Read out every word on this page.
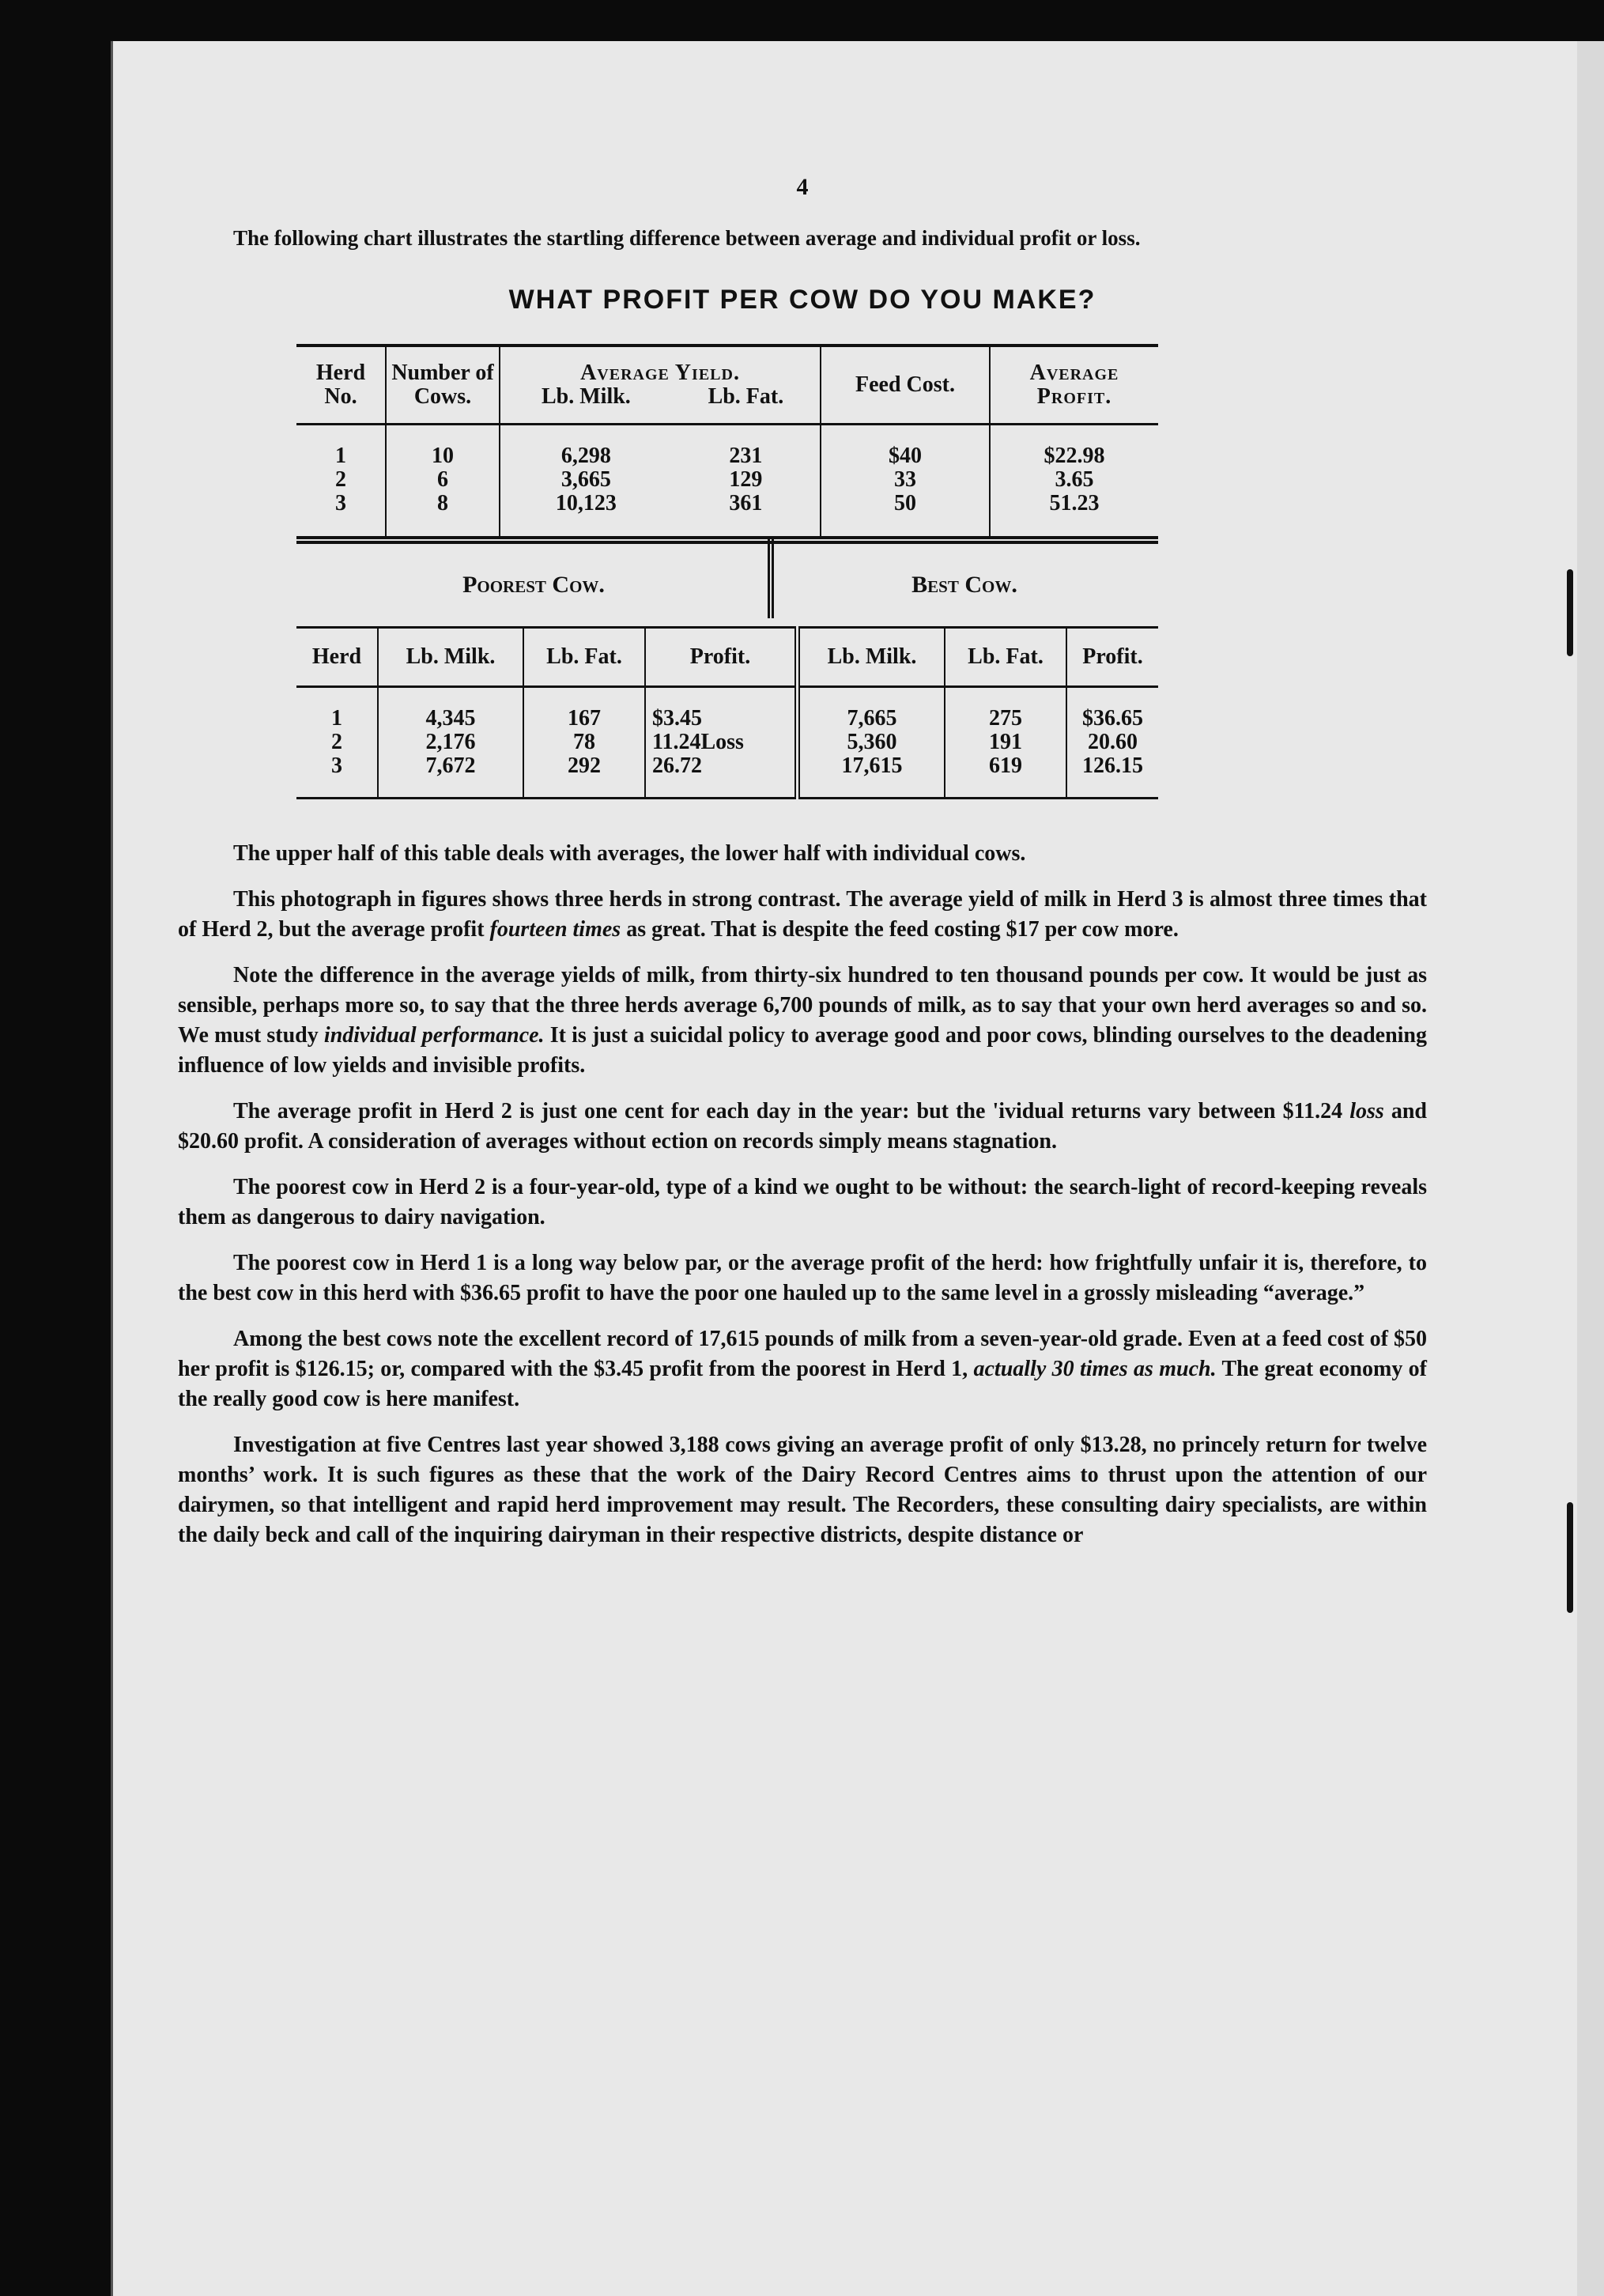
4

The following chart illustrates the startling difference between average and individual profit or loss.

WHAT PROFIT PER COW DO YOU MAKE?
Herd No.	Number of Cows.	Average Yield.		Feed Cost.	Average Profit.
		Lb. Milk.	Lb. Fat.		
1	10	6,298	231	$40	$22.98
2	6	3,665	129	33	3.65
3	8	10,123	361	50	51.23
Poorest Cow.	Best Cow.
Herd	Lb. Milk.	Lb. Fat.	Profit.	Lb. Milk.	Lb. Fat.	Profit.
1	4,345	167	$3.45	7,665	275	$36.65
2	2,176	78	11.24Loss	5,360	191	20.60
3	7,672	292	26.72	17,615	619	126.15

The upper half of this table deals with averages, the lower half with individual cows.

This photograph in figures shows three herds in strong contrast. The average yield of milk in Herd 3 is almost three times that of Herd 2, but the average profit fourteen times as great. That is despite the feed costing $17 per cow more.

Note the difference in the average yields of milk, from thirty-six hundred to ten thousand pounds per cow. It would be just as sensible, perhaps more so, to say that the three herds average 6,700 pounds of milk, as to say that your own herd averages so and so. We must study individual performance. It is just a suicidal policy to average good and poor cows, blinding ourselves to the deadening influence of low yields and invisible profits.

The average profit in Herd 2 is just one cent for each day in the year: but the 'ividual returns vary between $11.24 loss and $20.60 profit. A consideration of averages without ection on records simply means stagnation.

The poorest cow in Herd 2 is a four-year-old, type of a kind we ought to be without: the search-light of record-keeping reveals them as dangerous to dairy navigation.

The poorest cow in Herd 1 is a long way below par, or the average profit of the herd: how frightfully unfair it is, therefore, to the best cow in this herd with $36.65 profit to have the poor one hauled up to the same level in a grossly misleading “average.”

Among the best cows note the excellent record of 17,615 pounds of milk from a seven-year-old grade. Even at a feed cost of $50 her profit is $126.15; or, compared with the $3.45 profit from the poorest in Herd 1, actually 30 times as much. The great economy of the really good cow is here manifest.

Investigation at five Centres last year showed 3,188 cows giving an average profit of only $13.28, no princely return for twelve months’ work. It is such figures as these that the work of the Dairy Record Centres aims to thrust upon the attention of our dairymen, so that intelligent and rapid herd improvement may result. The Recorders, these consulting dairy specialists, are within the daily beck and call of the inquiring dairyman in their respective districts, despite distance or
